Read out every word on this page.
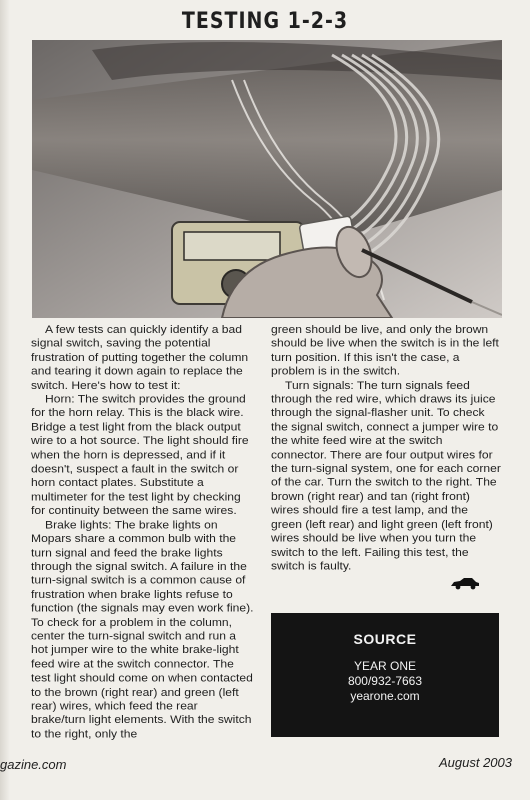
TESTING 1-2-3

A few tests can quickly identify a bad signal switch, saving the potential frustration of putting together the column and tearing it down again to replace the switch. Here's how to test it:

Horn: The switch provides the ground for the horn relay. This is the black wire. Bridge a test light from the black output wire to a hot source. The light should fire when the horn is depressed, and if it doesn't, suspect a fault in the switch or horn contact plates. Substitute a multimeter for the test light by checking for continuity between the same wires.

Brake lights: The brake lights on Mopars share a common bulb with the turn signal and feed the brake lights through the signal switch. A failure in the turn-signal switch is a common cause of frustration when brake lights refuse to function (the signals may even work fine). To check for a problem in the column, center the turn-signal switch and run a hot jumper wire to the white brake-light feed wire at the switch connector. The test light should come on when contacted to the brown (right rear) and green (left rear) wires, which feed the rear brake/turn light elements. With the switch to the right, only the

green should be live, and only the brown should be live when the switch is in the left turn position. If this isn't the case, a problem is in the switch.

Turn signals: The turn signals feed through the red wire, which draws its juice through the signal-flasher unit. To check the signal switch, connect a jumper wire to the white feed wire at the switch connector. There are four output wires for the turn-signal system, one for each corner of the car. Turn the switch to the right. The brown (right rear) and tan (right front) wires should fire a test lamp, and the green (left rear) and light green (left front) wires should be live when you turn the switch to the left. Failing this test, the switch is faulty.

SOURCE
YEAR ONE
800/932-7663
yearone.com
gazine.com	August 2003
